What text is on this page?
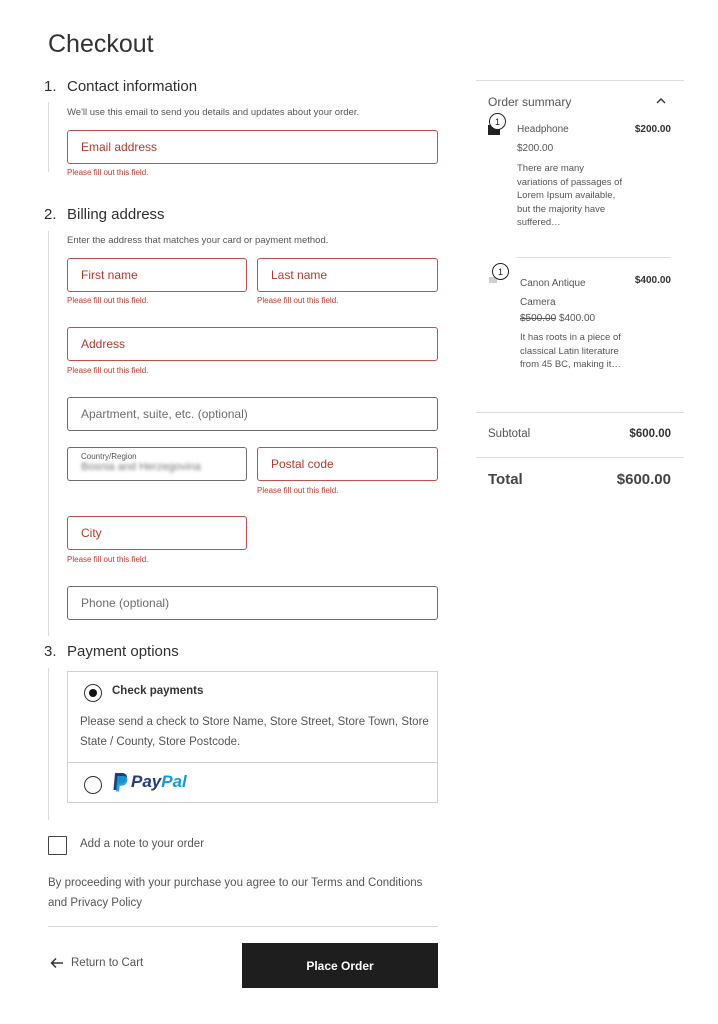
Checkout
1. Contact information
We'll use this email to send you details and updates about your order.
Email address
Please fill out this field.
2. Billing address
Enter the address that matches your card or payment method.
First name
Please fill out this field.
Last name
Please fill out this field.
Address
Please fill out this field.
Apartment, suite, etc. (optional)
Country/Region
Bosnia and Herzegovina	Postal code
Please fill out this field.
City
Please fill out this field.
Phone (optional)
3. Payment options
Check payments
Please send a check to Store Name, Store Street, Store Town, Store State / County, Store Postcode.
Pay Pal
Add a note to your order
By proceeding with your purchase you agree to our Terms and Conditions and Privacy Policy
Return to Cart	Place Order
Order summary
1
Headphone	$200.00
$200.00
There are many variations of passages of Lorem Ipsum available, but the majority have suffered…
1
Canon Antique Camera
$400.00
$500.00 $400.00
It has roots in a piece of classical Latin literature from 45 BC, making it…
Subtotal	$600.00
Total	$600.00
